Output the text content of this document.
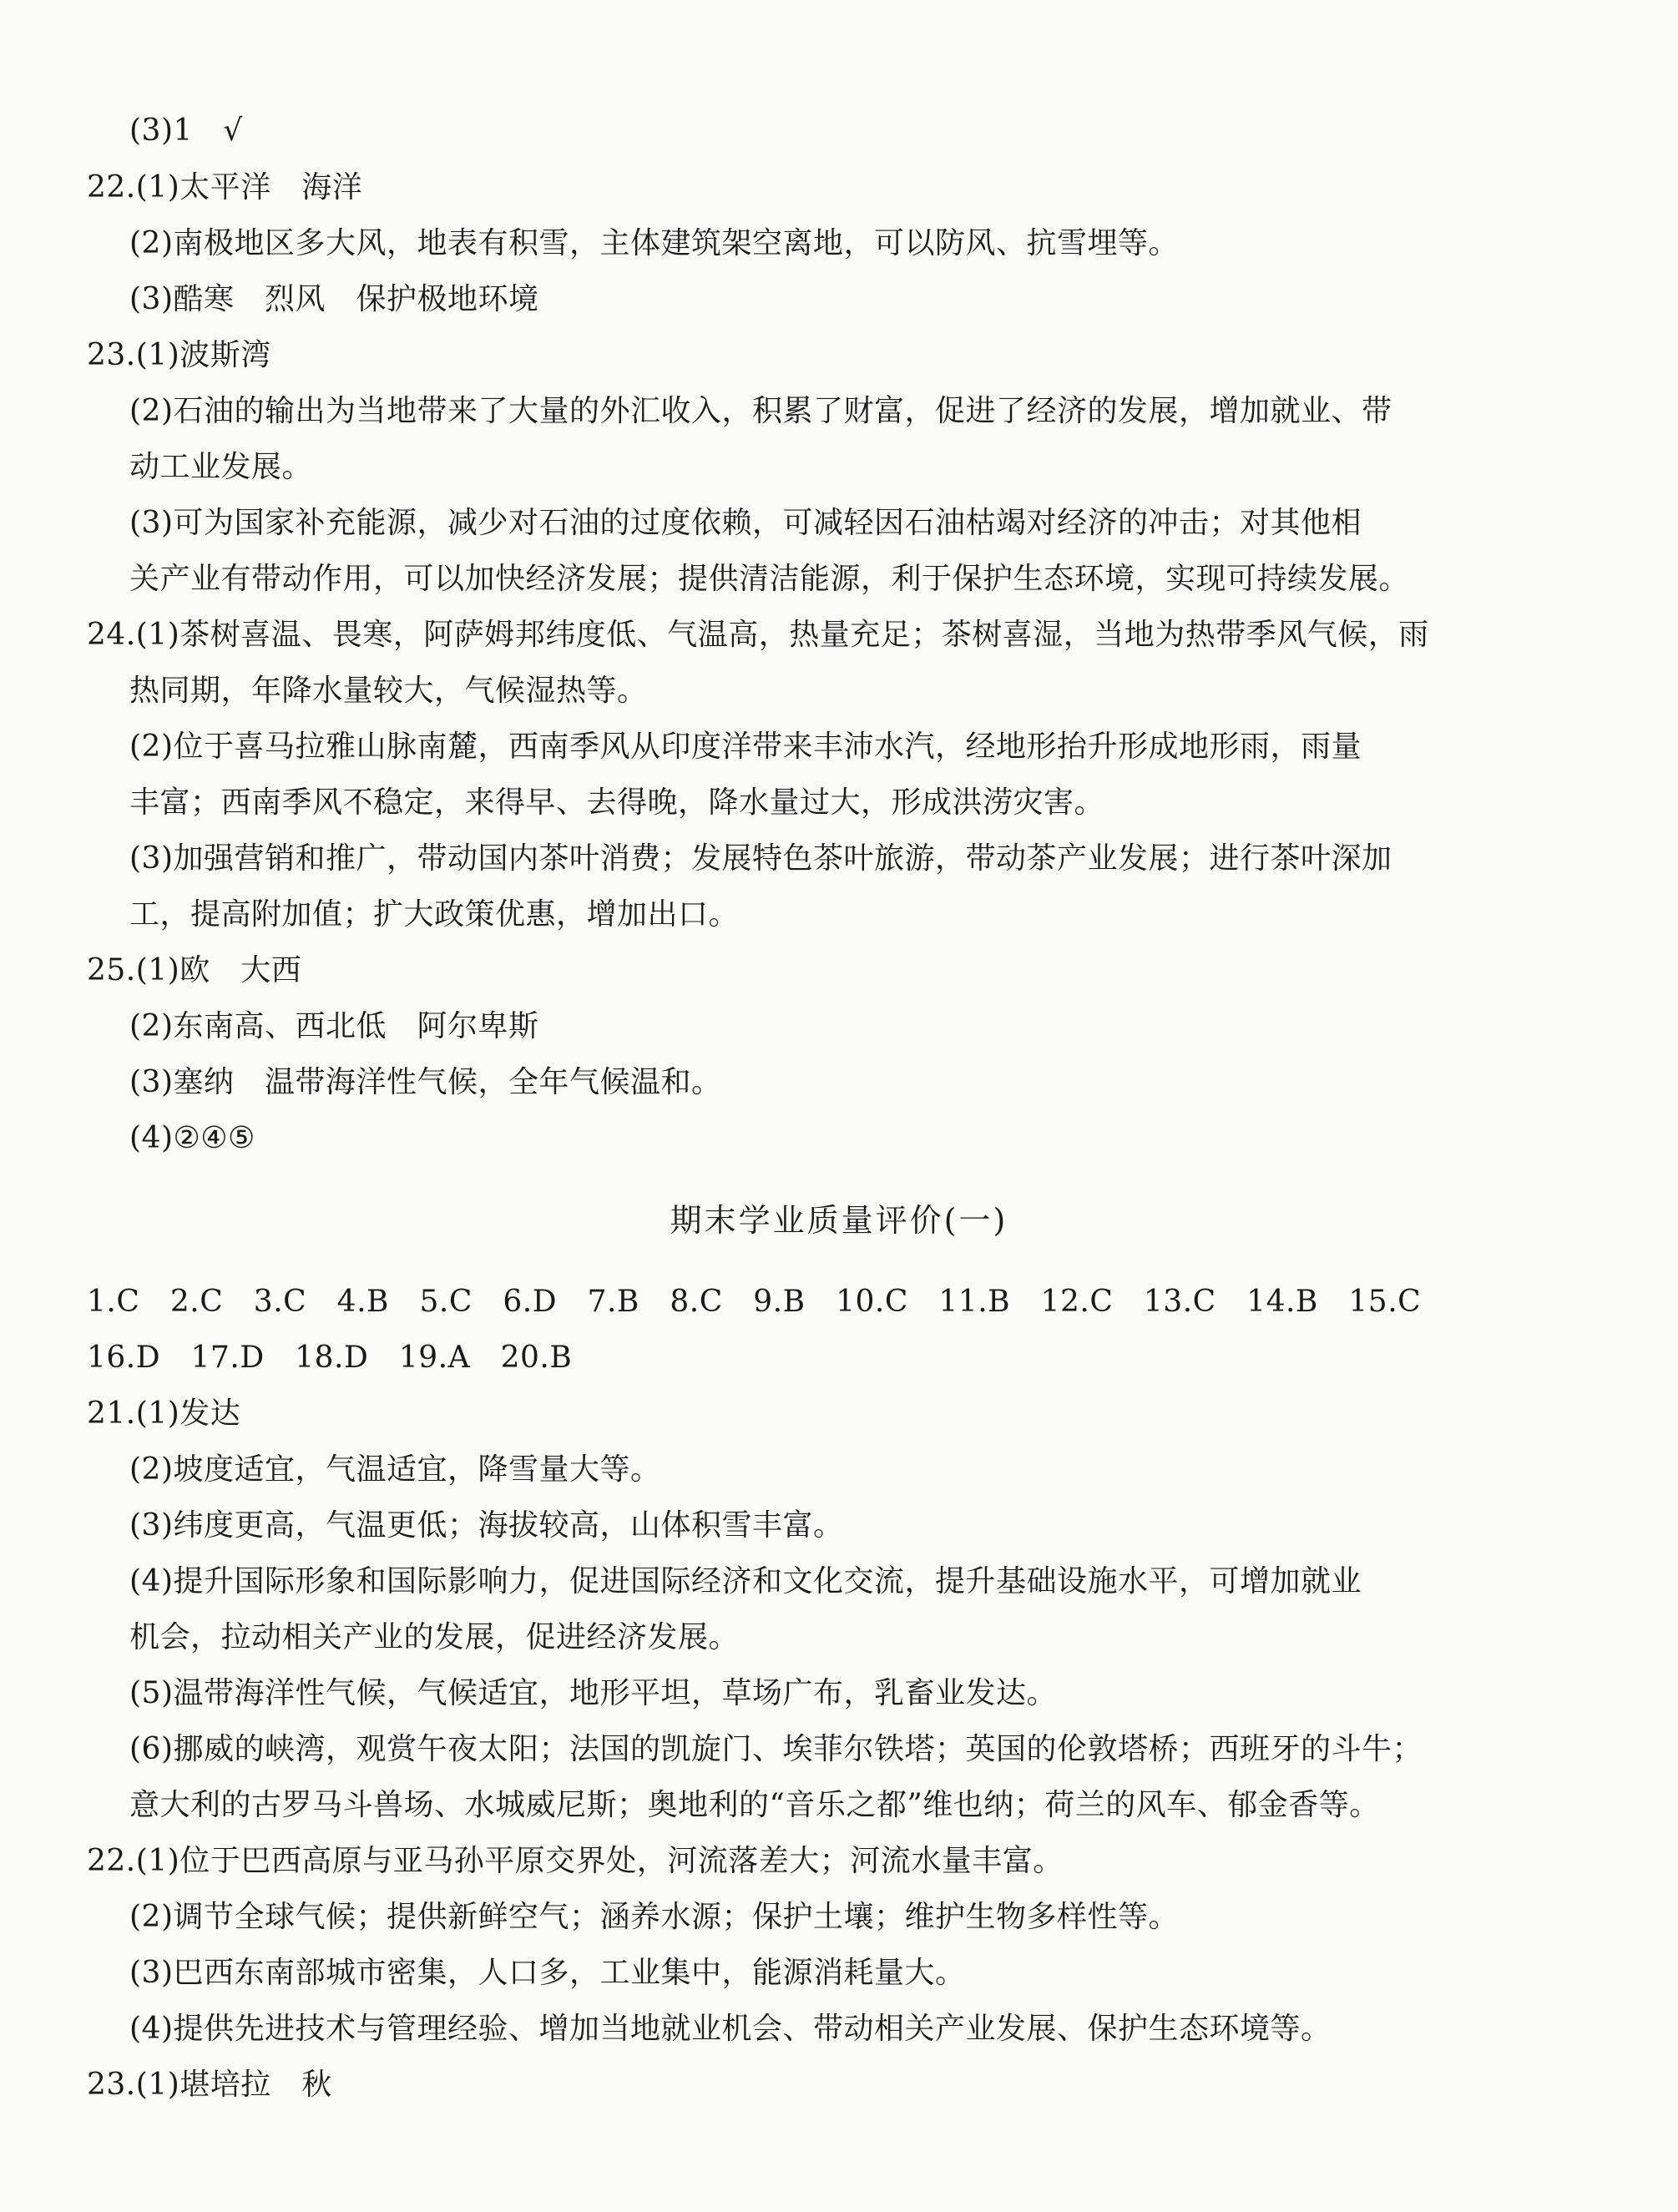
(3)1　√
22.(1)太平洋　海洋
(2)南极地区多大风，地表有积雪，主体建筑架空离地，可以防风、抗雪埋等。
(3)酷寒　烈风　保护极地环境
23.(1)波斯湾
(2)石油的输出为当地带来了大量的外汇收入，积累了财富，促进了经济的发展，增加就业、带
动工业发展。
(3)可为国家补充能源，减少对石油的过度依赖，可减轻因石油枯竭对经济的冲击；对其他相
关产业有带动作用，可以加快经济发展；提供清洁能源，利于保护生态环境，实现可持续发展。
24.(1)茶树喜温、畏寒，阿萨姆邦纬度低、气温高，热量充足；茶树喜湿，当地为热带季风气候，雨
热同期，年降水量较大，气候湿热等。
(2)位于喜马拉雅山脉南麓，西南季风从印度洋带来丰沛水汽，经地形抬升形成地形雨，雨量
丰富；西南季风不稳定，来得早、去得晚，降水量过大，形成洪涝灾害。
(3)加强营销和推广，带动国内茶叶消费；发展特色茶叶旅游，带动茶产业发展；进行茶叶深加
工，提高附加值；扩大政策优惠，增加出口。
25.(1)欧　大西
(2)东南高、西北低　阿尔卑斯
(3)塞纳　温带海洋性气候，全年气候温和。
(4)②④⑤
期末学业质量评价(一)
1.C　2.C　3.C　4.B　5.C　6.D　7.B　8.C　9.B　10.C　11.B　12.C　13.C　14.B　15.C
16.D　17.D　18.D　19.A　20.B
21.(1)发达
(2)坡度适宜，气温适宜，降雪量大等。
(3)纬度更高，气温更低；海拔较高，山体积雪丰富。
(4)提升国际形象和国际影响力，促进国际经济和文化交流，提升基础设施水平，可增加就业
机会，拉动相关产业的发展，促进经济发展。
(5)温带海洋性气候，气候适宜，地形平坦，草场广布，乳畜业发达。
(6)挪威的峡湾，观赏午夜太阳；法国的凯旋门、埃菲尔铁塔；英国的伦敦塔桥；西班牙的斗牛；
意大利的古罗马斗兽场、水城威尼斯；奥地利的“音乐之都”维也纳；荷兰的风车、郁金香等。
22.(1)位于巴西高原与亚马孙平原交界处，河流落差大；河流水量丰富。
(2)调节全球气候；提供新鲜空气；涵养水源；保护土壤；维护生物多样性等。
(3)巴西东南部城市密集，人口多，工业集中，能源消耗量大。
(4)提供先进技术与管理经验、增加当地就业机会、带动相关产业发展、保护生态环境等。
23.(1)堪培拉　秋
